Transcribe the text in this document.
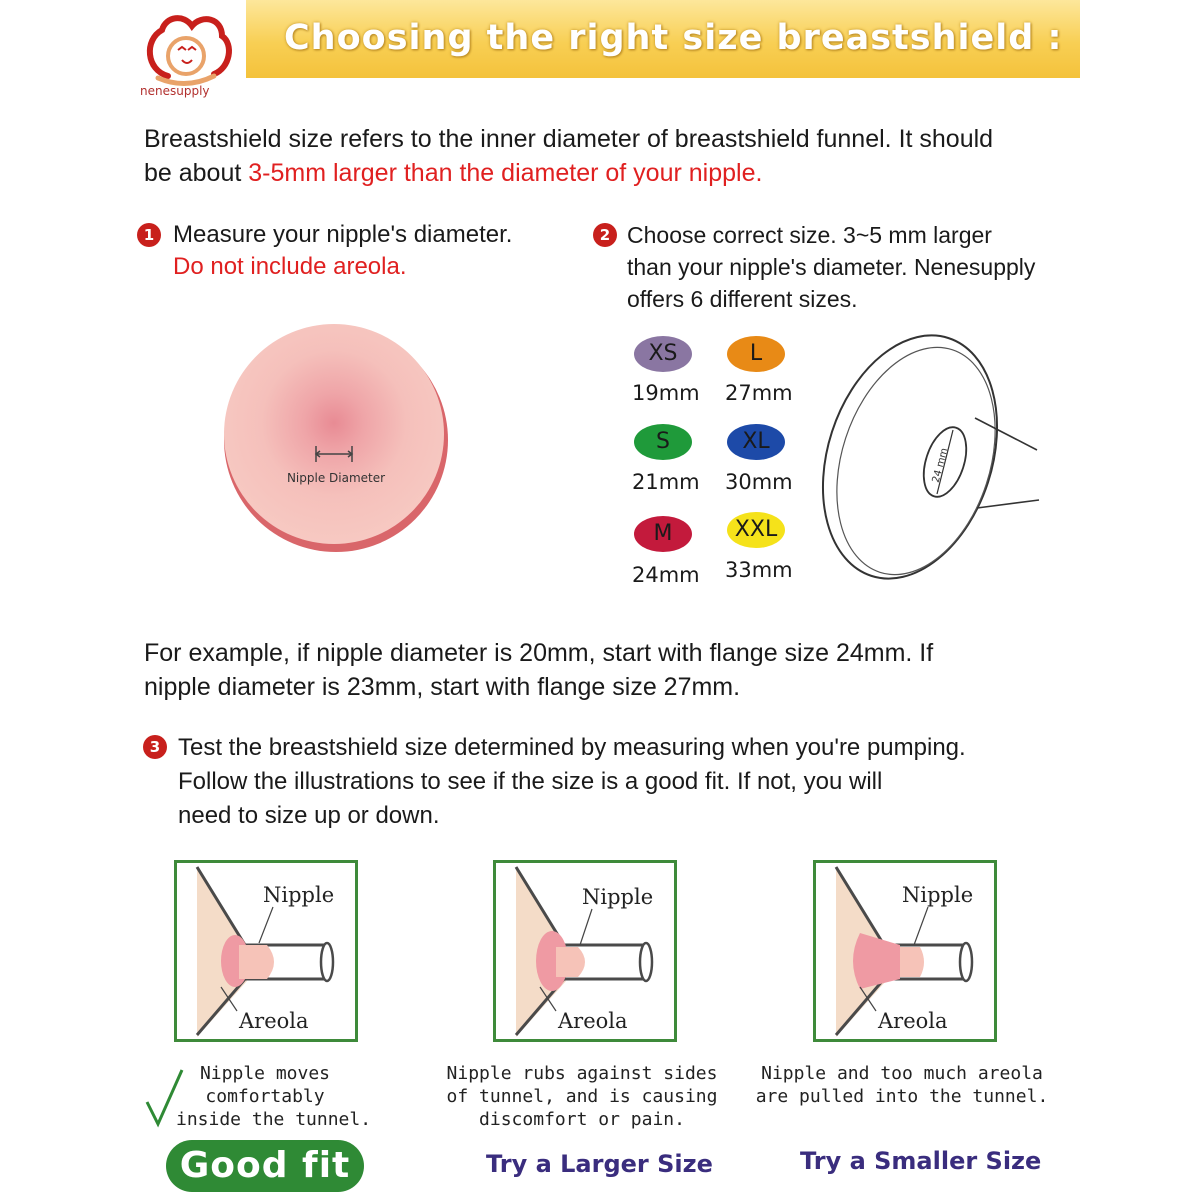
nenesupply
Choosing the right size breastshield :
Breastshield size refers to the inner diameter of breastshield funnel. It should
be about 3-5mm larger than the diameter of your nipple.
1 Measure your nipple's diameter.
Do not include areola.
Nipple Diameter
2 Choose correct size. 3~5 mm larger
than your nipple's diameter. Nenesupply
offers 6 different sizes.
XS
19mm
L
27mm
S
21mm
XL
30mm
M
24mm
XXL
33mm
24 mm
For example, if nipple diameter is 20mm, start with flange size 24mm. If
nipple diameter is 23mm, start with flange size 27mm.
3 Test the breastshield size determined by measuring when you're pumping.
Follow the illustrations to see if the size is a good fit. If not, you will
need to size up or down.
Nipple
Areola
Nipple
Areola
Nipple
Areola
Nipple moves
comfortably
inside the tunnel.
Nipple rubs against sides
of tunnel, and is causing
discomfort or pain.
Nipple and too much areola
are pulled into the tunnel.
Good fit	Try a Larger Size	Try a Smaller Size
